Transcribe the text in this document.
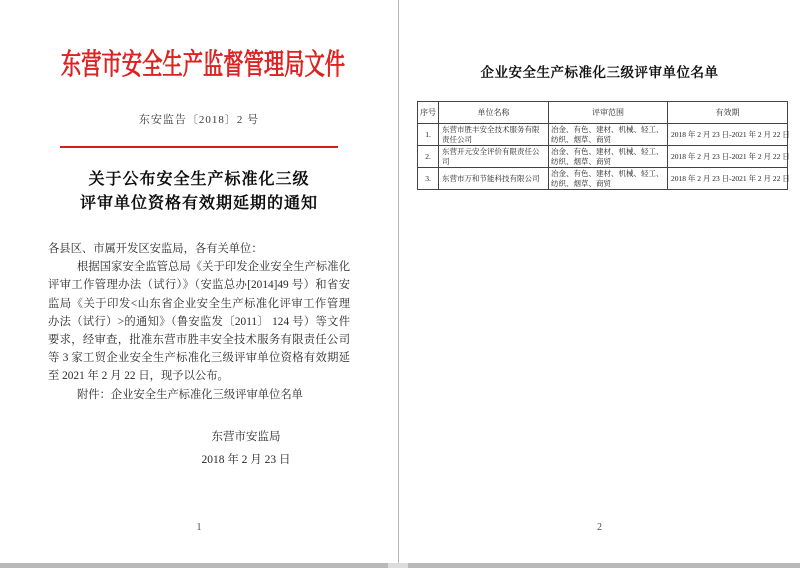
东营市安全生产监督管理局文件
东安监告〔2018〕2 号
关于公布安全生产标准化三级
评审单位资格有效期延期的通知
各县区、市属开发区安监局，各有关单位：
根据国家安全监管总局《关于印发企业安全生产标准化
评审工作管理办法（试行）》（安监总办[2014]49 号）和省安
监局《关于印发<山东省企业安全生产标准化评审工作管理
办法（试行）>的通知》（鲁安监发〔2011〕 124 号）等文件
要求，经审查，批准东营市胜丰安全技术服务有限责任公司
等 3 家工贸企业安全生产标准化三级评审单位资格有效期延
至 2021 年 2 月 22 日，现予以公布。
附件：企业安全生产标准化三级评审单位名单
东营市安监局
2018 年 2 月 23 日
1
企业安全生产标准化三级评审单位名单
序号	单位名称	评审范围	有效期
1.	东营市胜丰安全技术服务有限责任公司	冶金、有色、建材、机械、轻工、纺织、烟草、商贸	2018 年 2 月 23 日-2021 年 2 月 22 日
2.	东营开元安全评价有限责任公司	冶金、有色、建材、机械、轻工、纺织、烟草、商贸	2018 年 2 月 23 日-2021 年 2 月 22 日
3.	东营市万和节能科技有限公司	冶金、有色、建材、机械、轻工、纺织、烟草、商贸	2018 年 2 月 23 日-2021 年 2 月 22 日
2
